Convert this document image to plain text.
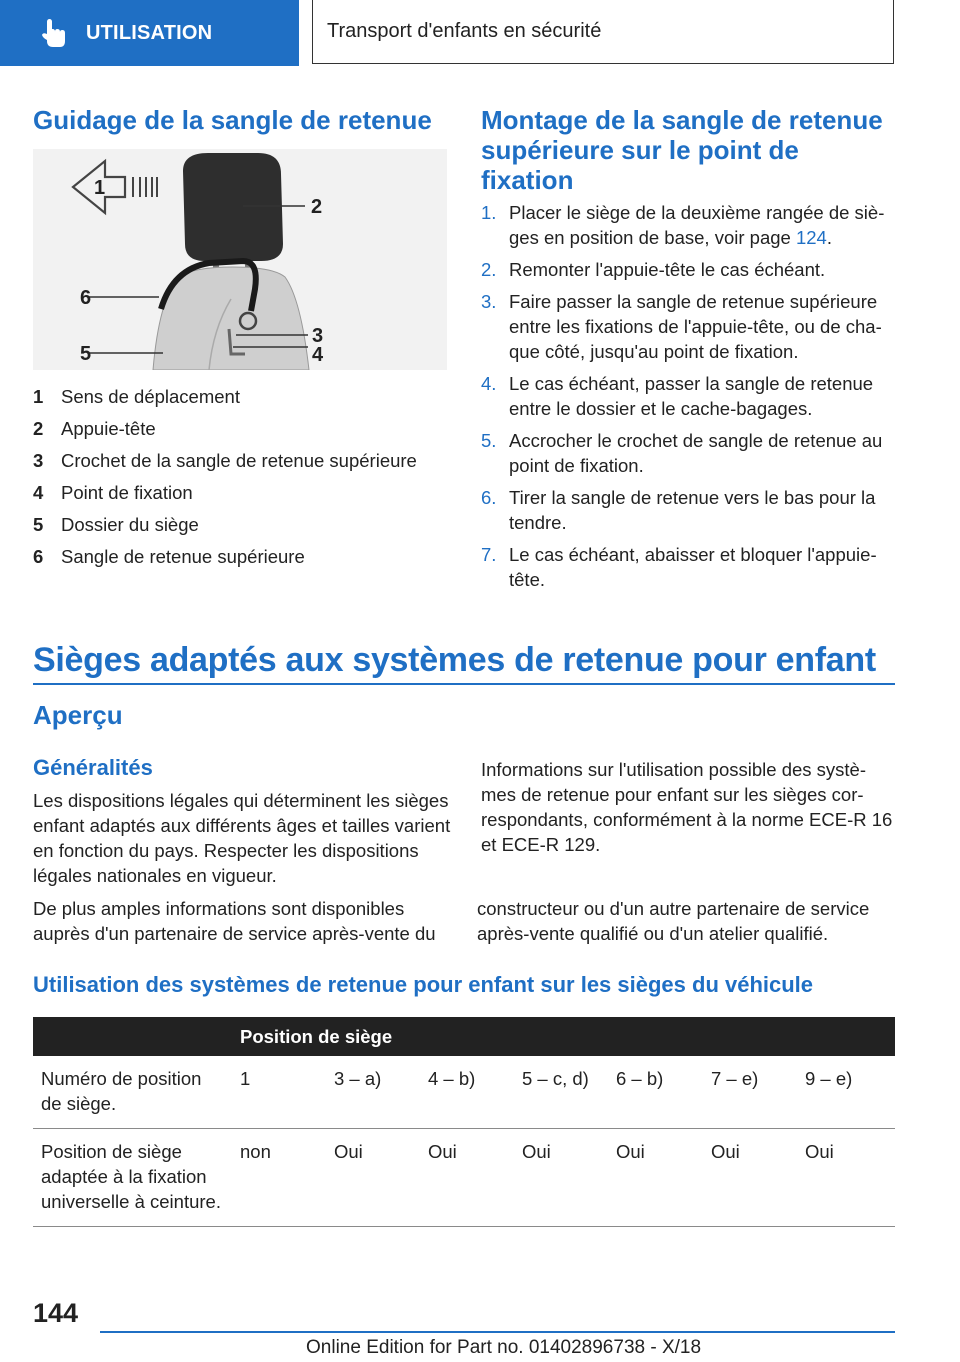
UTILISATION	Transport d'enfants en sécurité
Guidage de la sangle de retenue
1
2
3
4
5
6
1 Sens de déplacement
2 Appuie-tête
3 Crochet de la sangle de retenue supérieure
4 Point de fixation
5 Dossier du siège
6 Sangle de retenue supérieure
Montage de la sangle de retenue supérieure sur le point de fixation
1. Placer le siège de la deuxième rangée de sièges en position de base, voir page 124.
2. Remonter l'appuie-tête le cas échéant.
3. Faire passer la sangle de retenue supérieure entre les fixations de l'appuie-tête, ou de chaque côté, jusqu'au point de fixation.
4. Le cas échéant, passer la sangle de retenue entre le dossier et le cache-bagages.
5. Accrocher le crochet de sangle de retenue au point de fixation.
6. Tirer la sangle de retenue vers le bas pour la tendre.
7. Le cas échéant, abaisser et bloquer l'appuie-tête.
Sièges adaptés aux systèmes de retenue pour enfant
Aperçu
Généralités

Les dispositions légales qui déterminent les sièges enfant adaptés aux différents âges et tailles varient en fonction du pays. Respecter les dispositions légales nationales en vigueur.

De plus amples informations sont disponibles auprès d'un partenaire de service après-vente du constructeur ou d'un autre partenaire de service après-vente qualifié ou d'un atelier qualifié.

Informations sur l'utilisation possible des systèmes de retenue pour enfant sur les sièges correspondants, conformément à la norme ECE-R 16 et ECE-R 129.

Utilisation des systèmes de retenue pour enfant sur les sièges du véhicule
	Position de siège						
Numéro de position de siège.	1	3 – a)	4 – b)	5 – c, d)	6 – b)	7 – e)	9 – e)
Position de siège adaptée à la fixation universelle à ceinture.	non	Oui	Oui	Oui	Oui	Oui	Oui
144
Online Edition for Part no. 01402896738 - X/18
